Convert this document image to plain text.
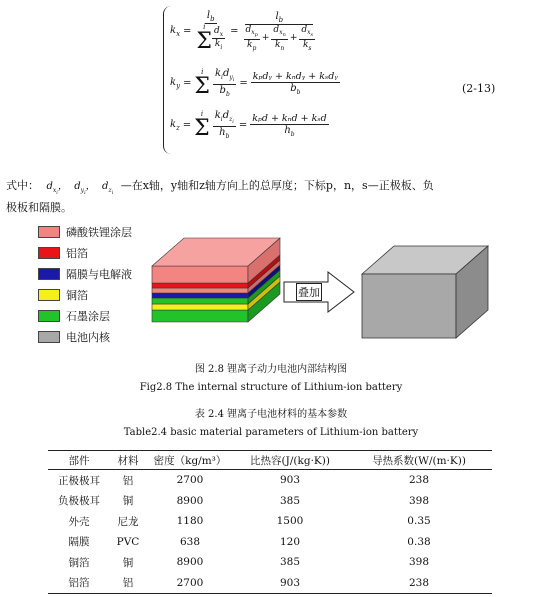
$k_x = l_b$
i
Σ $\frac{d_x}{k_i} = \frac{l_b}{\frac{d_{x_p}}{k_p} + \frac{d_{x_n}}{k_n} + \frac{d_{x_s}}{k_s}}$
$k_y$ =
i
Σ $\frac{k_id_{y_i}}{b_b} = \frac{\text{kₚdᵧ + kₙdᵧ + kₛdᵧ}}{b_b}$
$k_z$ =
i
Σ $\frac{k_id_{z_i}}{h_b} = \frac{\text{kₚd + kₙd + kₛd}}{h_b}$
(2-13)
式中： $d_{x_i}$，  $d_{y_i}$，  $d_{z_i}$ —在x轴，y轴和z轴方向上的总厚度；下标p，n，s—正极板、负
极板和隔膜。
磷酸铁锂涂层
铝箔
隔膜与电解液
铜箔
石墨涂层
电池内核
叠加
图 2.8 锂离子动力电池内部结构图
Fig2.8 The internal structure of Lithium-ion battery
表 2.4 锂离子电池材料的基本参数
Table2.4 basic material parameters of Lithium-ion battery
部件	材料	密度（kg/m³）	比热容(J/(kg·K))	导热系数(W/(m·K))
正极极耳	铝	2700	903	238
负极极耳	铜	8900	385	398
外壳	尼龙	1180	1500	0.35
隔膜	PVC	638	120	0.38
铜箔	铜	8900	385	398
铝箔	铝	2700	903	238
